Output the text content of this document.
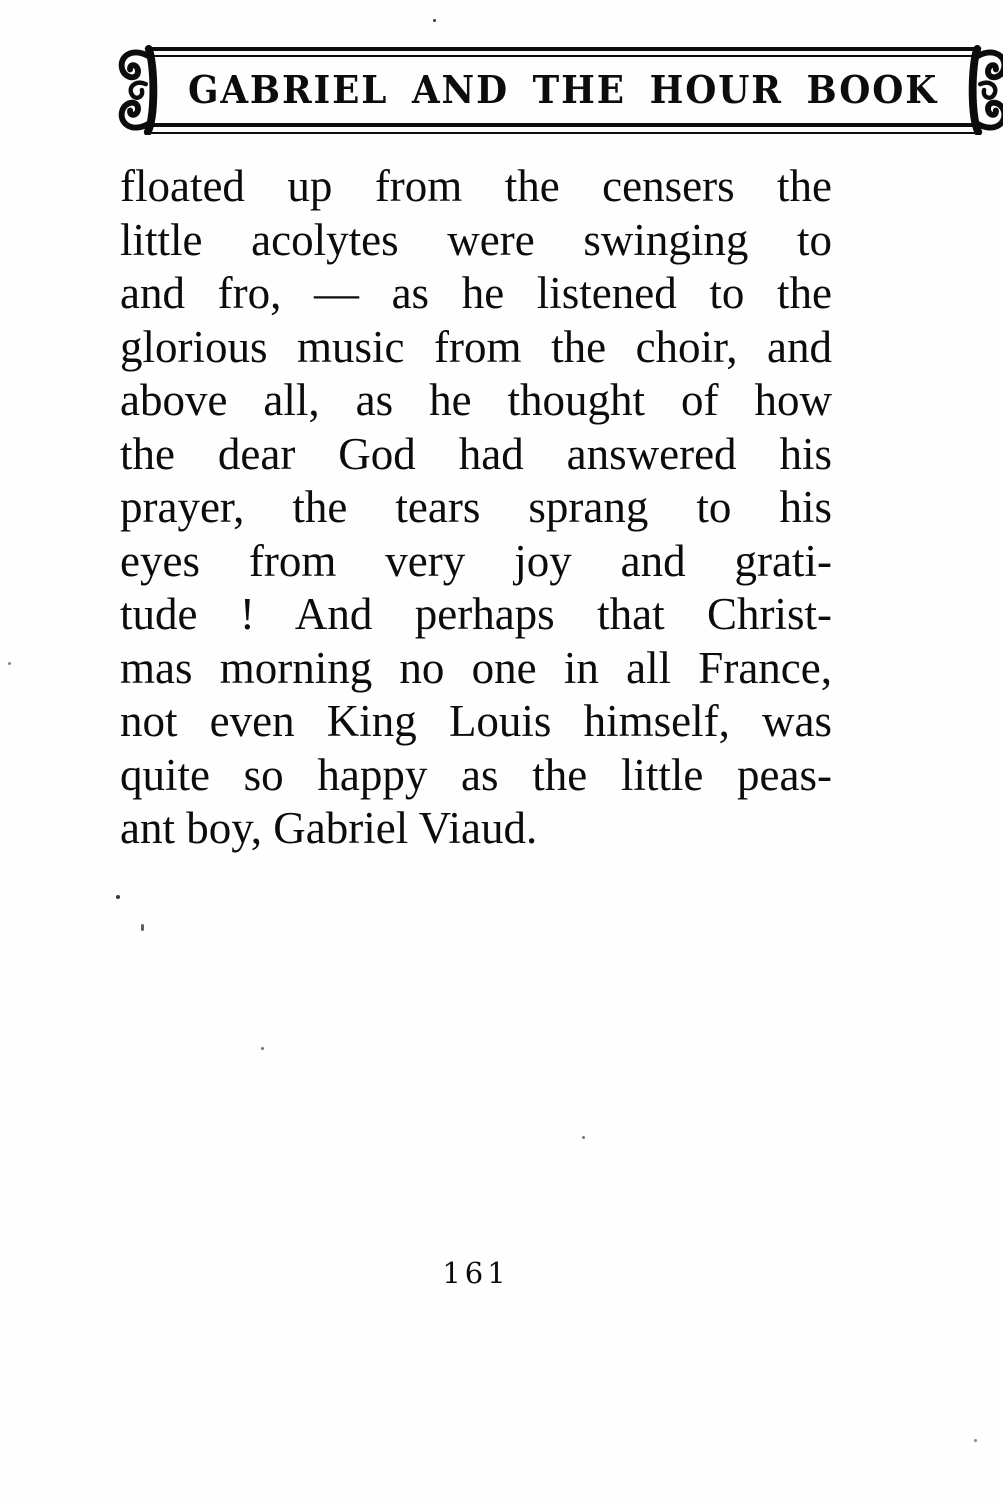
GABRIEL AND THE HOUR BOOK
floated up from the censers the
little acolytes were swinging to
and fro, — as he listened to the
glorious music from the choir, and
above all, as he thought of how
the dear God had answered his
prayer, the tears sprang to his
eyes from very joy and grati-
tude ! And perhaps that Christ-
mas morning no one in all France,
not even King Louis himself, was
quite so happy as the little peas-
ant boy, Gabriel Viaud.
161
